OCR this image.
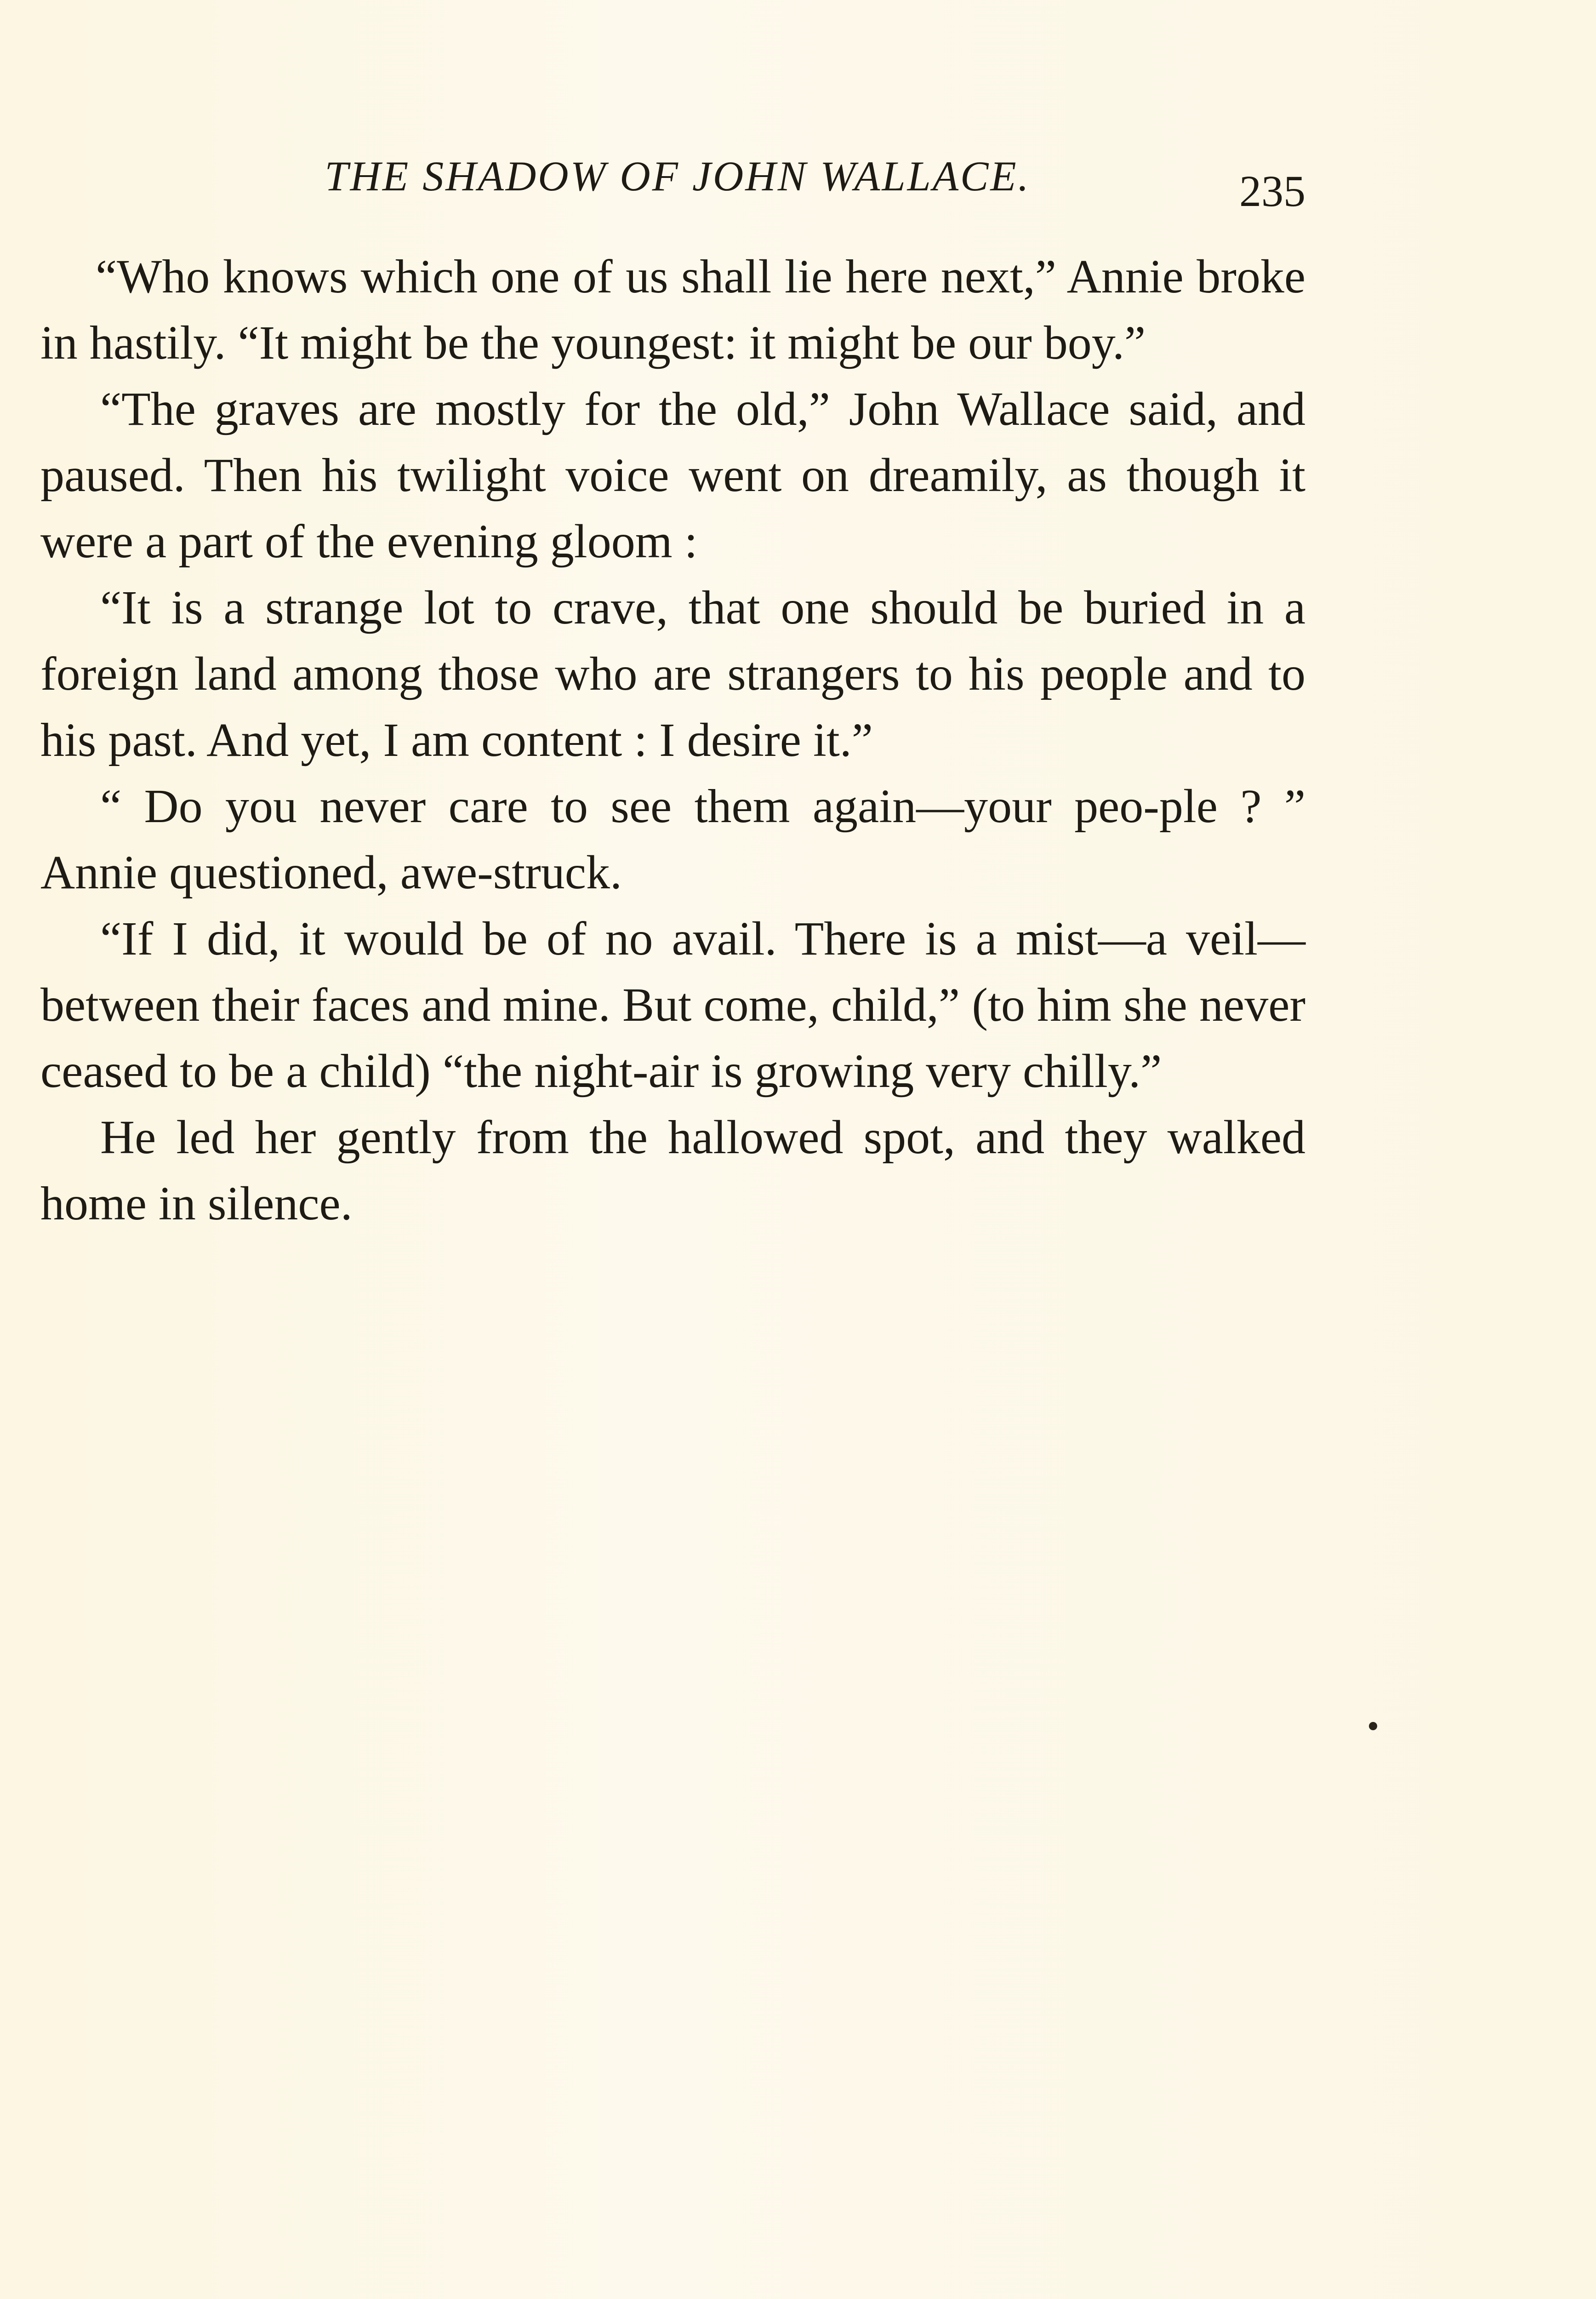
THE SHADOW OF JOHN WALLACE.	235

“Who knows which one of us shall lie here next,” Annie broke in hastily. “It might be the youngest: it might be our boy.”

“The graves are mostly for the old,” John Wallace said, and paused. Then his twilight voice went on dreamily, as though it were a part of the evening gloom :

“It is a strange lot to crave, that one should be buried in a foreign land among those who are strangers to his people and to his past. And yet, I am content : I desire it.”

“ Do you never care to see them again—your peo-ple ? ” Annie questioned, awe-struck.

“If I did, it would be of no avail. There is a mist—a veil—between their faces and mine. But come, child,” (to him she never ceased to be a child) “the night-air is growing very chilly.”

He led her gently from the hallowed spot, and they walked home in silence.
